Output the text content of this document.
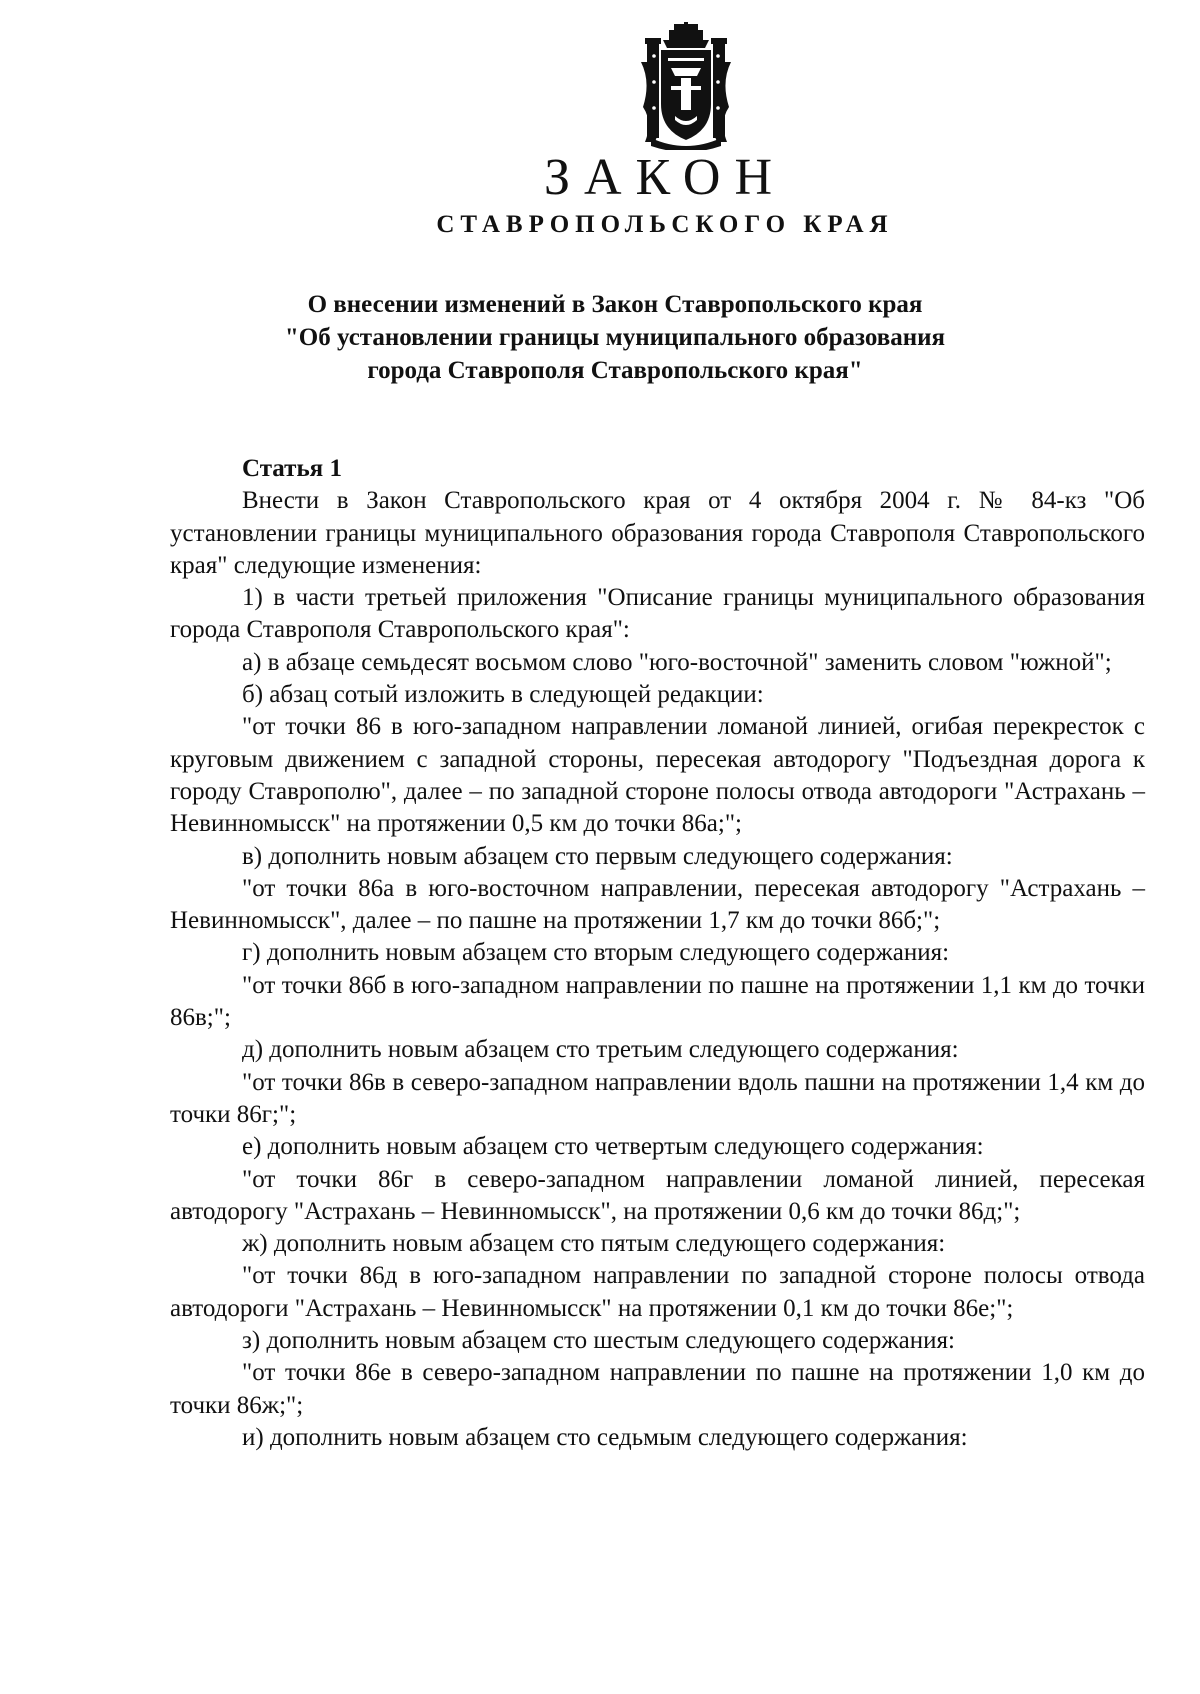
ЗАКОН
СТАВРОПОЛЬСКОГО КРАЯ
О внесении изменений в Закон Ставропольского края
"Об установлении границы муниципального образования
города Ставрополя Ставропольского края"

Статья 1

Внести в Закон Ставропольского края от 4 октября 2004 г. № 84-кз "Об установлении границы муниципального образования города Ставрополя Ставропольского края" следующие изменения:

1) в части третьей приложения "Описание границы муниципального образования города Ставрополя Ставропольского края":

а) в абзаце семьдесят восьмом слово "юго-восточной" заменить словом "южной";

б) абзац сотый изложить в следующей редакции:

"от точки 86 в юго-западном направлении ломаной линией, огибая перекресток с круговым движением с западной стороны, пересекая автодорогу "Подъездная дорога к городу Ставрополю", далее – по западной стороне полосы отвода автодороги "Астрахань – Невинномысск" на протяжении 0,5 км до точки 86а;";

в) дополнить новым абзацем сто первым следующего содержания:

"от точки 86а в юго-восточном направлении, пересекая автодорогу "Астрахань – Невинномысск", далее – по пашне на протяжении 1,7 км до точки 86б;";

г) дополнить новым абзацем сто вторым следующего содержания:

"от точки 86б в юго-западном направлении по пашне на протяжении 1,1 км до точки 86в;";

д) дополнить новым абзацем сто третьим следующего содержания:

"от точки 86в в северо-западном направлении вдоль пашни на протяжении 1,4 км до точки 86г;";

е) дополнить новым абзацем сто четвертым следующего содержания:

"от точки 86г в северо-западном направлении ломаной линией, пересекая автодорогу "Астрахань – Невинномысск", на протяжении 0,6 км до точки 86д;";

ж) дополнить новым абзацем сто пятым следующего содержания:

"от точки 86д в юго-западном направлении по западной стороне полосы отвода автодороги "Астрахань – Невинномысск" на протяжении 0,1 км до точки 86е;";

з) дополнить новым абзацем сто шестым следующего содержания:

"от точки 86е в северо-западном направлении по пашне на протяжении 1,0 км до точки 86ж;";

и) дополнить новым абзацем сто седьмым следующего содержания:
